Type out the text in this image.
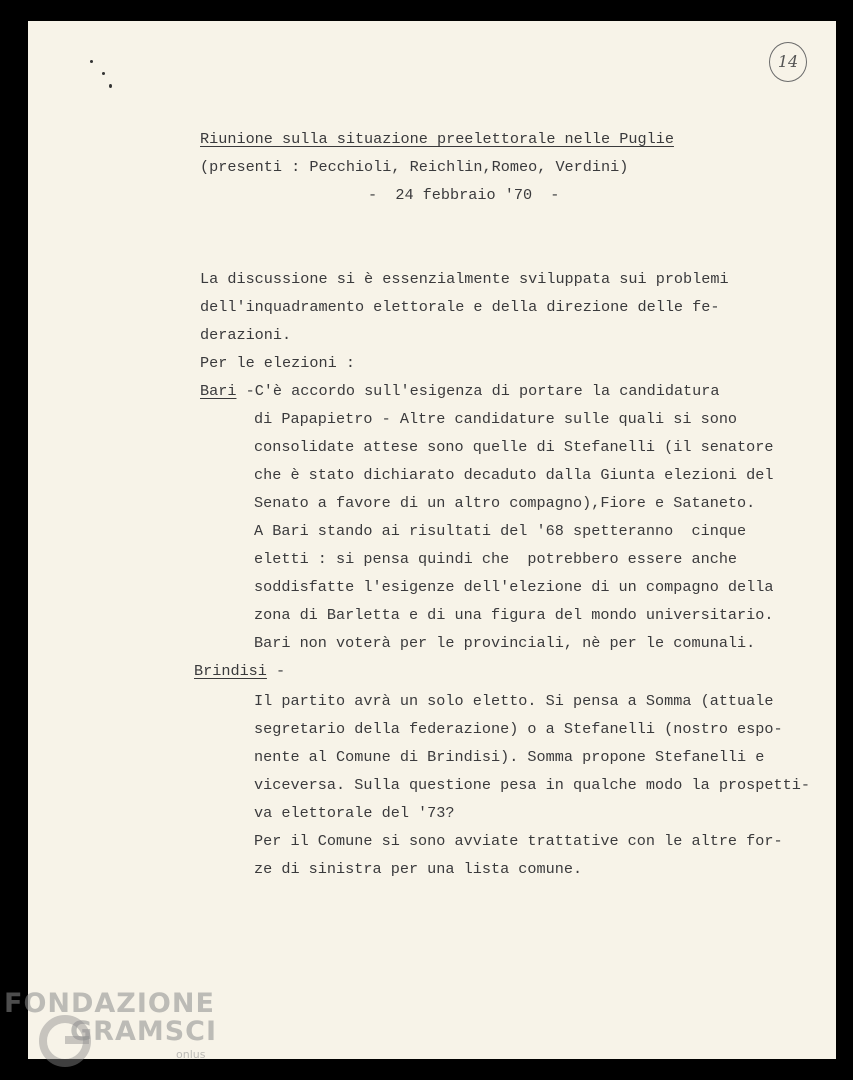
14
Riunione sulla situazione preelettorale nelle Puglie
(presenti : Pecchioli, Reichlin,Romeo, Verdini)
-  24 febbraio '70  -
La discussione si è essenzialmente sviluppata sui problemi
dell'inquadramento elettorale e della direzione delle fe-
derazioni.
Per le elezioni :
Bari -C'è accordo sull'esigenza di portare la candidatura
di Papapietro - Altre candidature sulle quali si sono
consolidate attese sono quelle di Stefanelli (il senatore
che è stato dichiarato decaduto dalla Giunta elezioni del
Senato a favore di un altro compagno),Fiore e Sataneto.
A Bari stando ai risultati del '68 spetteranno  cinque
eletti : si pensa quindi che  potrebbero essere anche
soddisfatte l'esigenze dell'elezione di un compagno della
zona di Barletta e di una figura del mondo universitario.
Bari non voterà per le provinciali, nè per le comunali.
Brindisi -
Il partito avrà un solo eletto. Si pensa a Somma (attuale
segretario della federazione) o a Stefanelli (nostro espo-
nente al Comune di Brindisi). Somma propone Stefanelli e
viceversa. Sulla questione pesa in qualche modo la prospetti-
va elettorale del '73?
Per il Comune si sono avviate trattative con le altre for-
ze di sinistra per una lista comune.
FONDAZIONE
GRAMSCI
onlus
